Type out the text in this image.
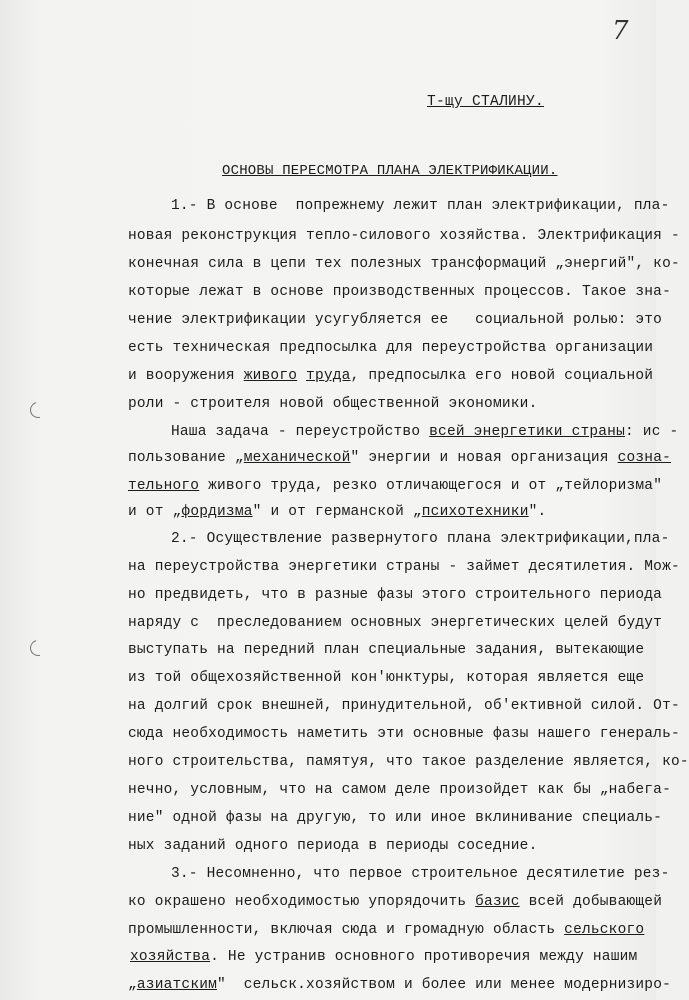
7
Т-щу СТАЛИНУ.
ОСНОВЫ ПЕРЕСМОТРА ПЛАНА ЭЛЕКТРИФИКАЦИИ.
1.- В основе  попрежнему лежит план электрификации, пла-
новая реконструкция тепло-силового хозяйства. Электрификация -
конечная сила в цепи тех полезных трансформаций „энергий", ко-
которые лежат в основе производственных процессов. Такое зна-
чение электрификации усугубляется ее   социальной ролью: это
есть техническая предпосылка для переустройства организации
и вооружения живого труда, предпосылка его новой социальной
роли - строителя новой общественной экономики.
Наша задача - переустройство всей энергетики страны: ис -
пользование „механической" энергии и новая организация созна-
тельного живого труда, резко отличающегося и от „тейлоризма"
и от „фордизма" и от германской „психотехники".
2.- Осуществление развернутого плана электрификации,пла-
на переустройства энергетики страны - займет десятилетия. Мож-
но предвидеть, что в разные фазы этого строительного периода
наряду с  преследованием основных энергетических целей будут
выступать на передний план специальные задания, вытекающие
из той общехозяйственной кон'юнктуры, которая является еще
на долгий срок внешней, принудительной, об'ективной силой. От-
сюда необходимость наметить эти основные фазы нашего генераль-
ного строительства, памятуя, что такое разделение является, ко-
нечно, условным, что на самом деле произойдет как бы „набега-
ние" одной фазы на другую, то или иное вклинивание специаль-
ных заданий одного периода в периоды соседние.
3.- Несомненно, что первое строительное десятилетие рез-
ко окрашено необходимостью упорядочить базис всей добывающей
промышленности, включая сюда и громадную область сельского
хозяйства. Не устранив основного противоречия между нашим
„азиатским"  сельск.хозяйством и более или менее модернизиро-
